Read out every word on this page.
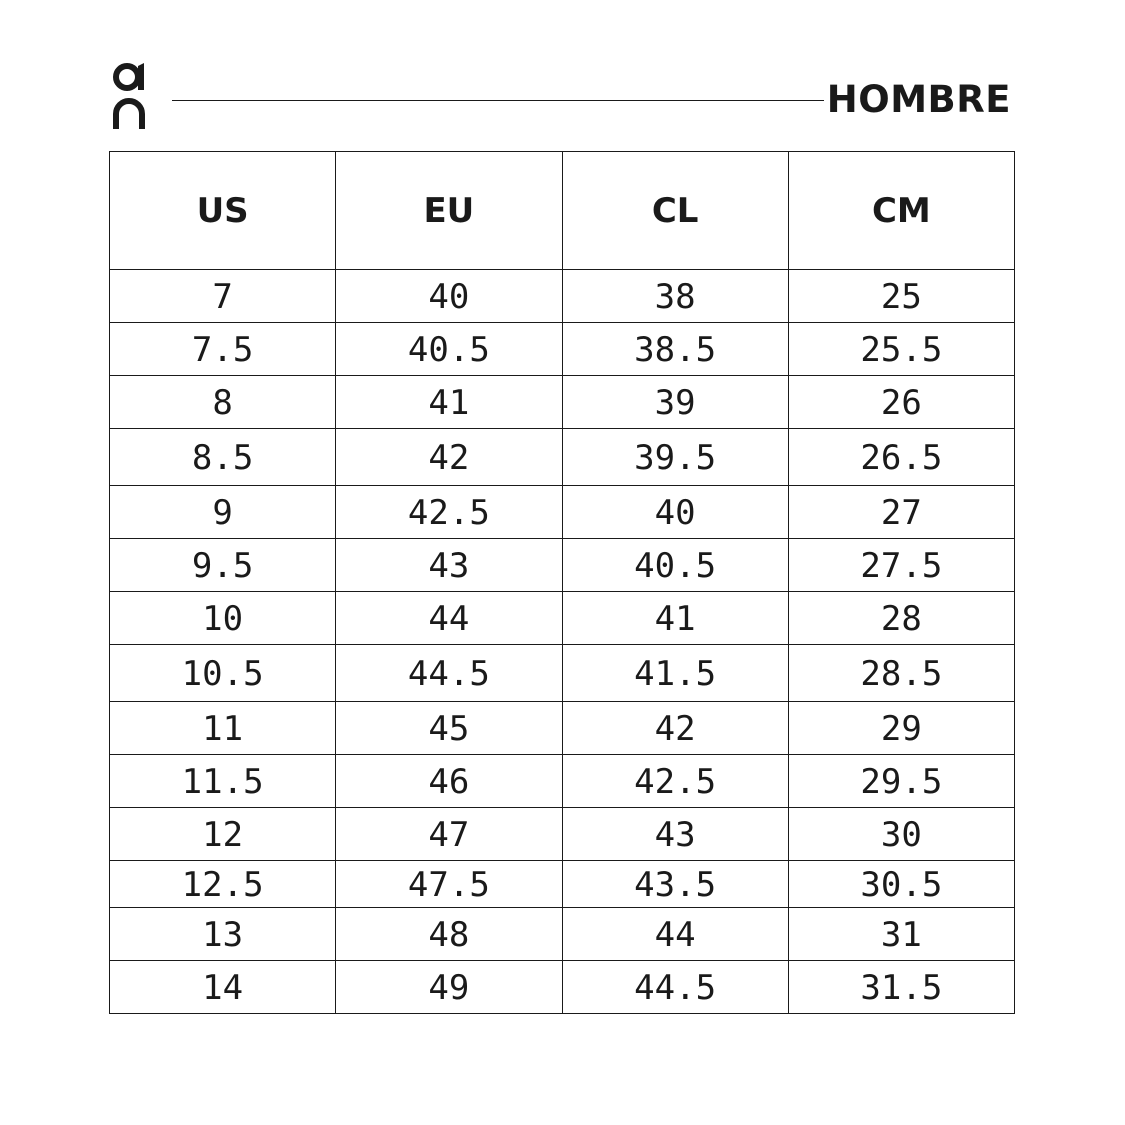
HOMBRE
US	EU	CL	CM
7	40	38	25
7.5	40.5	38.5	25.5
8	41	39	26
8.5	42	39.5	26.5
9	42.5	40	27
9.5	43	40.5	27.5
10	44	41	28
10.5	44.5	41.5	28.5
11	45	42	29
11.5	46	42.5	29.5
12	47	43	30
12.5	47.5	43.5	30.5
13	48	44	31
14	49	44.5	31.5
